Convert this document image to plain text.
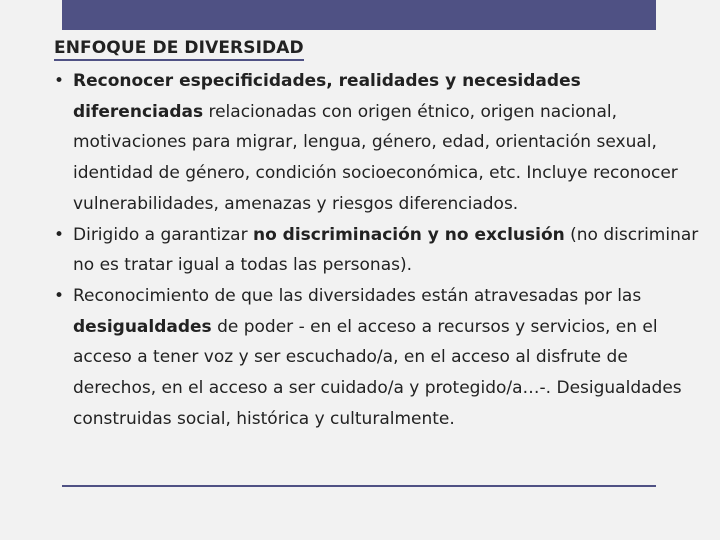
ENFOQUE DE DIVERSIDAD
• Reconocer especificidades, realidades y necesidades diferenciadas relacionadas con origen étnico, origen nacional, motivaciones para migrar, lengua, género, edad, orientación sexual, identidad de género, condición socioeconómica, etc. Incluye reconocer vulnerabilidades, amenazas y riesgos diferenciados.
• Dirigido a garantizar no discriminación y no exclusión (no discriminar no es tratar igual a todas las personas).
• Reconocimiento de que las diversidades están atravesadas por las desigualdades de poder - en el acceso a recursos y servicios, en el acceso a tener voz y ser escuchado/a, en el acceso al disfrute de derechos, en el acceso a ser cuidado/a y protegido/a…-. Desigualdades construidas social, histórica y culturalmente.
